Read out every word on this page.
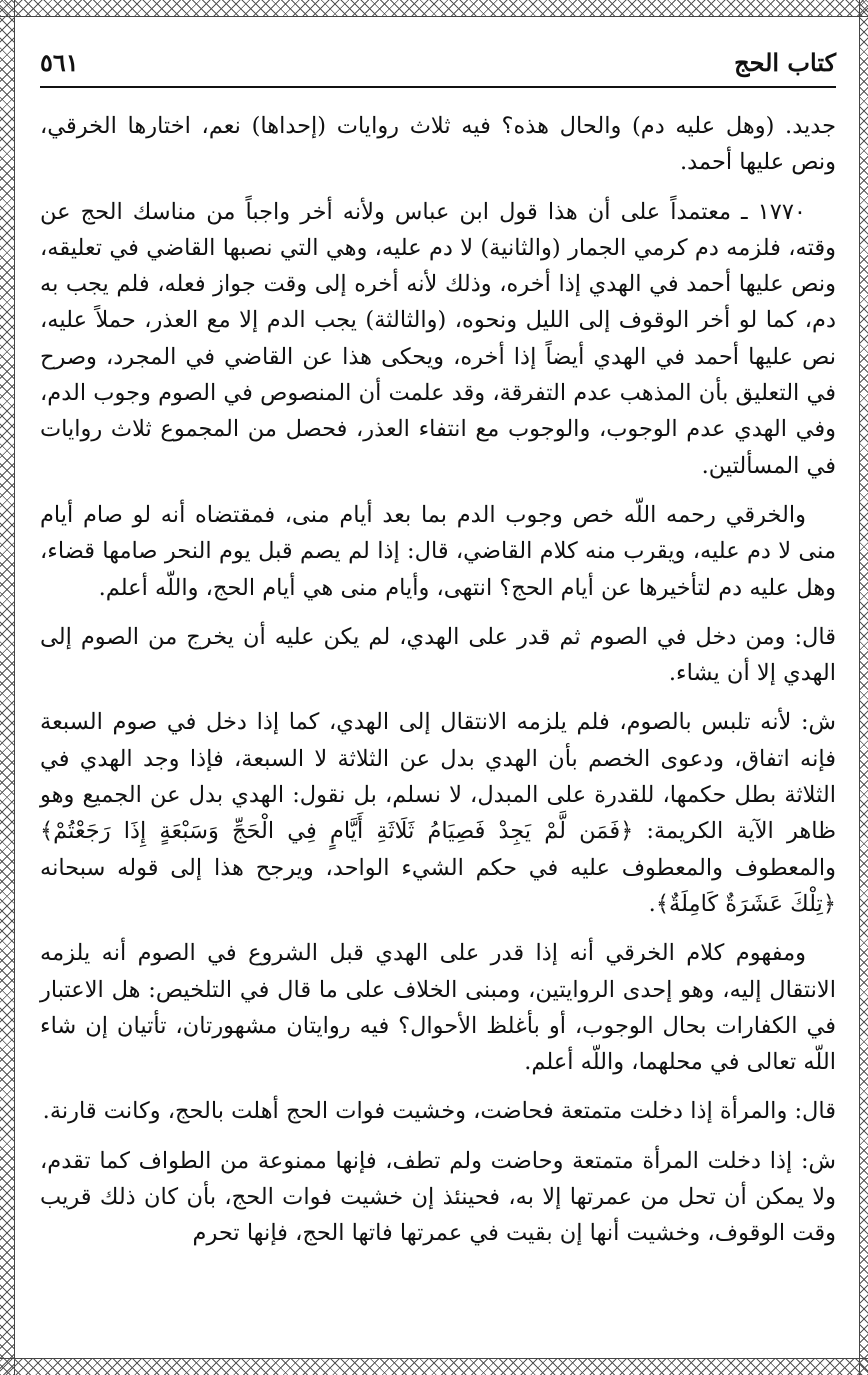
كتاب الحج
٥٦١

جديد. (وهل عليه دم) والحال هذه؟ فيه ثلاث روايات (إحداها) نعم، اختارها الخرقي، ونص عليها أحمد.

١٧٧٠ ـ معتمداً على أن هذا قول ابن عباس ولأنه أخر واجباً من مناسك الحج عن وقته، فلزمه دم كرمي الجمار (والثانية) لا دم عليه، وهي التي نصبها القاضي في تعليقه، ونص عليها أحمد في الهدي إذا أخره، وذلك لأنه أخره إلى وقت جواز فعله، فلم يجب به دم، كما لو أخر الوقوف إلى الليل ونحوه، (والثالثة) يجب الدم إلا مع العذر، حملاً عليه، نص عليها أحمد في الهدي أيضاً إذا أخره، ويحكى هذا عن القاضي في المجرد، وصرح في التعليق بأن المذهب عدم التفرقة، وقد علمت أن المنصوص في الصوم وجوب الدم، وفي الهدي عدم الوجوب، والوجوب مع انتفاء العذر، فحصل من المجموع ثلاث روايات في المسألتين.

والخرقي رحمه اللّه خص وجوب الدم بما بعد أيام منى، فمقتضاه أنه لو صام أيام منى لا دم عليه، ويقرب منه كلام القاضي، قال: إذا لم يصم قبل يوم النحر صامها قضاء، وهل عليه دم لتأخيرها عن أيام الحج؟ انتهى، وأيام منى هي أيام الحج، واللّه أعلم.

قال: ومن دخل في الصوم ثم قدر على الهدي، لم يكن عليه أن يخرج من الصوم إلى الهدي إلا أن يشاء.

ش: لأنه تلبس بالصوم، فلم يلزمه الانتقال إلى الهدي، كما إذا دخل في صوم السبعة فإنه اتفاق، ودعوى الخصم بأن الهدي بدل عن الثلاثة لا السبعة، فإذا وجد الهدي في الثلاثة بطل حكمها، للقدرة على المبدل، لا نسلم، بل نقول: الهدي بدل عن الجميع وهو ظاهر الآية الكريمة: ﴿فَمَن لَّمْ يَجِدْ فَصِيَامُ ثَلَاثَةِ أَيَّامٍ فِي الْحَجِّ وَسَبْعَةٍ إِذَا رَجَعْتُمْ﴾ والمعطوف والمعطوف عليه في حكم الشيء الواحد، ويرجح هذا إلى قوله سبحانه ﴿تِلْكَ عَشَرَةٌ كَامِلَةٌ﴾.

ومفهوم كلام الخرقي أنه إذا قدر على الهدي قبل الشروع في الصوم أنه يلزمه الانتقال إليه، وهو إحدى الروايتين، ومبنى الخلاف على ما قال في التلخيص: هل الاعتبار في الكفارات بحال الوجوب، أو بأغلظ الأحوال؟ فيه روايتان مشهورتان، تأتيان إن شاء اللّه تعالى في محلهما، واللّه أعلم.

قال: والمرأة إذا دخلت متمتعة فحاضت، وخشيت فوات الحج أهلت بالحج، وكانت قارنة.

ش: إذا دخلت المرأة متمتعة وحاضت ولم تطف، فإنها ممنوعة من الطواف كما تقدم، ولا يمكن أن تحل من عمرتها إلا به، فحينئذ إن خشيت فوات الحج، بأن كان ذلك قريب وقت الوقوف، وخشيت أنها إن بقيت في عمرتها فاتها الحج، فإنها تحرم
